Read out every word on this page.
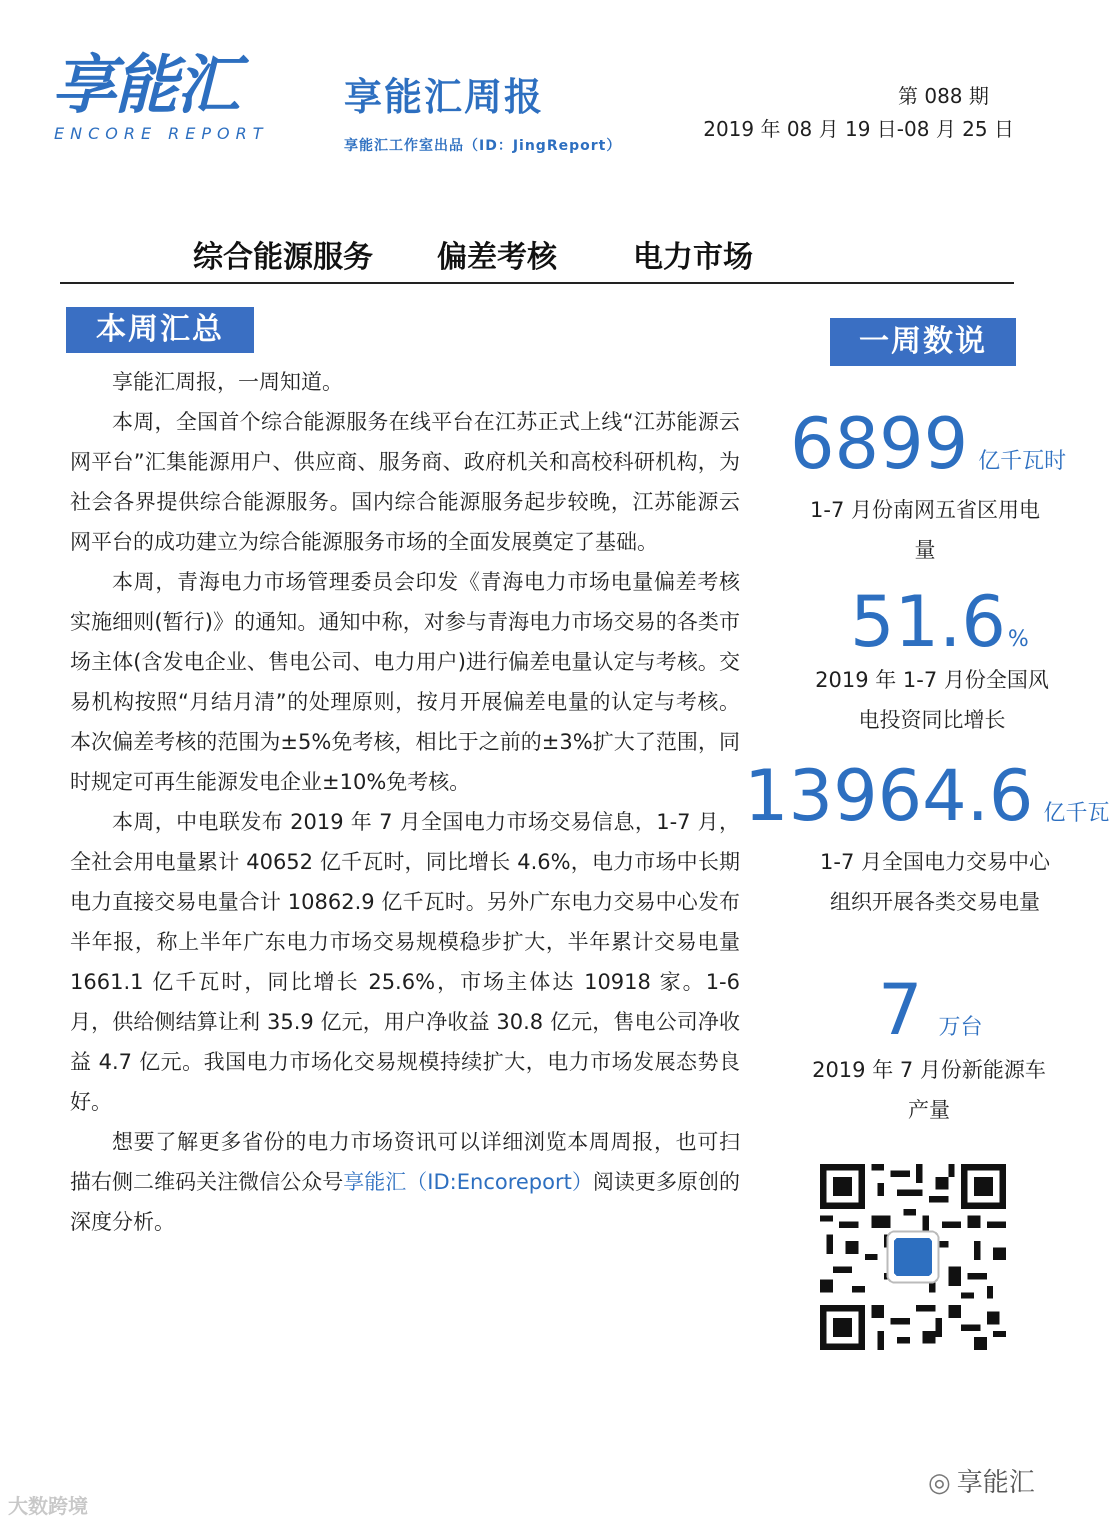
享能汇
ENCORE REPORT
享能汇周报
享能汇工作室出品（ID：JingReport）
第 088 期
2019 年 08 月 19 日-08 月 25 日
综合能源服务 偏差考核	电力市场
本周汇总

享能汇周报，一周知道。

本周，全国首个综合能源服务在线平台在江苏正式上线“江苏能源云网平台”汇集能源用户、供应商、服务商、政府机关和高校科研机构，为社会各界提供综合能源服务。国内综合能源服务起步较晚，江苏能源云网平台的成功建立为综合能源服务市场的全面发展奠定了基础。

本周，青海电力市场管理委员会印发《青海电力市场电量偏差考核实施细则(暂行)》的通知。通知中称，对参与青海电力市场交易的各类市场主体(含发电企业、售电公司、电力用户)进行偏差电量认定与考核。交易机构按照“月结月清”的处理原则，按月开展偏差电量的认定与考核。本次偏差考核的范围为±5%免考核，相比于之前的±3%扩大了范围，同时规定可再生能源发电企业±10%免考核。

本周，中电联发布 2019 年 7 月全国电力市场交易信息，1-7 月，全社会用电量累计 40652 亿千瓦时，同比增长 4.6%，电力市场中长期电力直接交易电量合计 10862.9 亿千瓦时。另外广东电力交易中心发布半年报，称上半年广东电力市场交易规模稳步扩大，半年累计交易电量 1661.1 亿千瓦时，同比增长 25.6%，市场主体达 10918 家。1-6 月，供给侧结算让利 35.9 亿元，用户净收益 30.8 亿元，售电公司净收益 4.7 亿元。我国电力市场化交易规模持续扩大，电力市场发展态势良好。

想要了解更多省份的电力市场资讯可以详细浏览本周周报，也可扫描右侧二维码关注微信公众号享能汇（ID:Encoreport）阅读更多原创的深度分析。

一周数说
6899 亿千瓦时
1-7 月份南网五省区用电量
51.6%
2019 年 1-7 月份全国风电投资同比增长
13964.6 亿千瓦
1-7 月全国电力交易中心组织开展各类交易电量
7 万台
2019 年 7 月份新能源车产量
大数跨境
◎ 享能汇
